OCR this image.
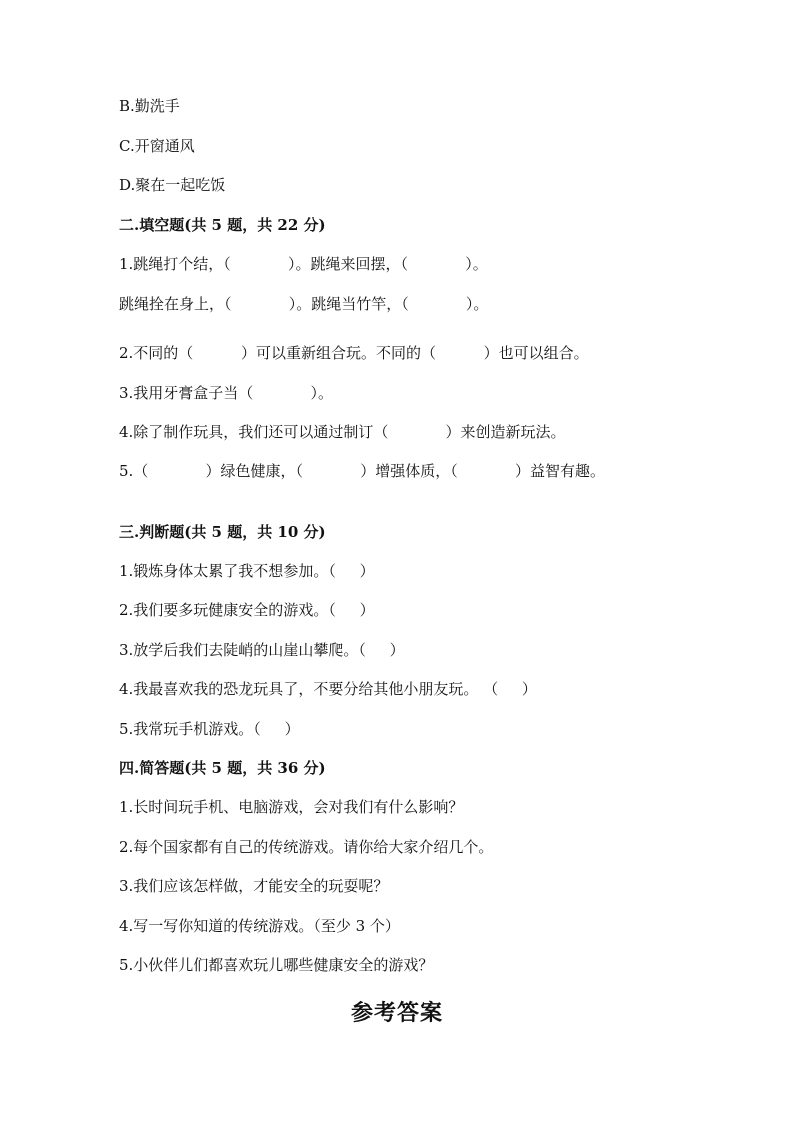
B.勤洗手
C.开窗通风
D.聚在一起吃饭
二.填空题(共 5 题，共 22 分)
1.跳绳打个结，（            ）。跳绳来回摆，（            ）。
跳绳拴在身上，（            ）。跳绳当竹竿，（            ）。
2.不同的（          ）可以重新组合玩。不同的（          ）也可以组合。
3.我用牙膏盒子当（            ）。
4.除了制作玩具，我们还可以通过制订（            ）来创造新玩法。
5.（            ）绿色健康，（            ）增强体质，（            ）益智有趣。
三.判断题(共 5 题，共 10 分)
1.锻炼身体太累了我不想参加。（     ）
2.我们要多玩健康安全的游戏。（     ）
3.放学后我们去陡峭的山崖山攀爬。（     ）
4.我最喜欢我的恐龙玩具了，不要分给其他小朋友玩。 （     ）
5.我常玩手机游戏。（     ）
四.简答题(共 5 题，共 36 分)
1.长时间玩手机、电脑游戏，会对我们有什么影响？
2.每个国家都有自己的传统游戏。请你给大家介绍几个。
3.我们应该怎样做，才能安全的玩耍呢？
4.写一写你知道的传统游戏。（至少 3 个）
5.小伙伴儿们都喜欢玩儿哪些健康安全的游戏？
参考答案
